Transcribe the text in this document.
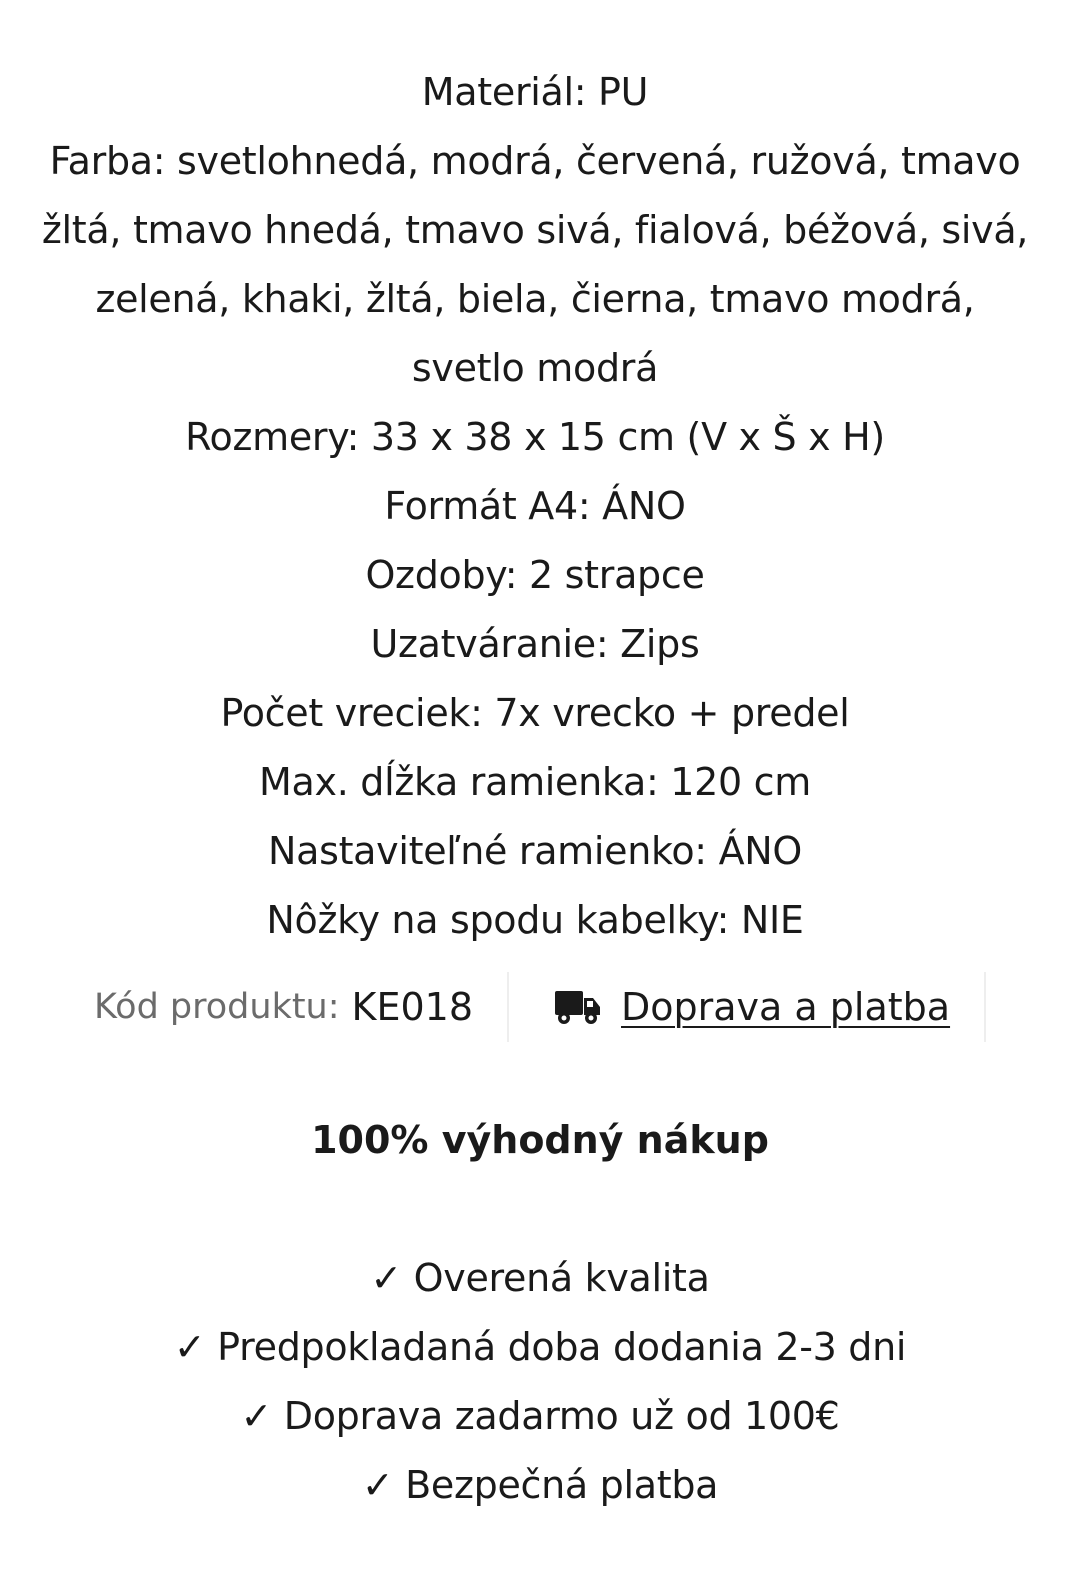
Materiál: PU

Farba: svetlohnedá, modrá, červená, ružová, tmavo žltá, tmavo hnedá, tmavo sivá, fialová, béžová, sivá, zelená, khaki, žltá, biela, čierna, tmavo modrá, svetlo modrá

Rozmery: 33 x 38 x 15 cm (V x Š x H)

Formát A4: ÁNO

Ozdoby: 2 strapce

Uzatváranie: Zips

Počet vreciek: 7x vrecko + predel

Max. dĺžka ramienka: 120 cm

Nastaviteľné ramienko: ÁNO

Nôžky na spodu kabelky: NIE

Kód produktu: KE018	Doprava a platba
100% výhodný nákup

✓ Overená kvalita

✓ Predpokladaná doba dodania 2-3 dni

✓ Doprava zadarmo už od 100€

✓ Bezpečná platba
